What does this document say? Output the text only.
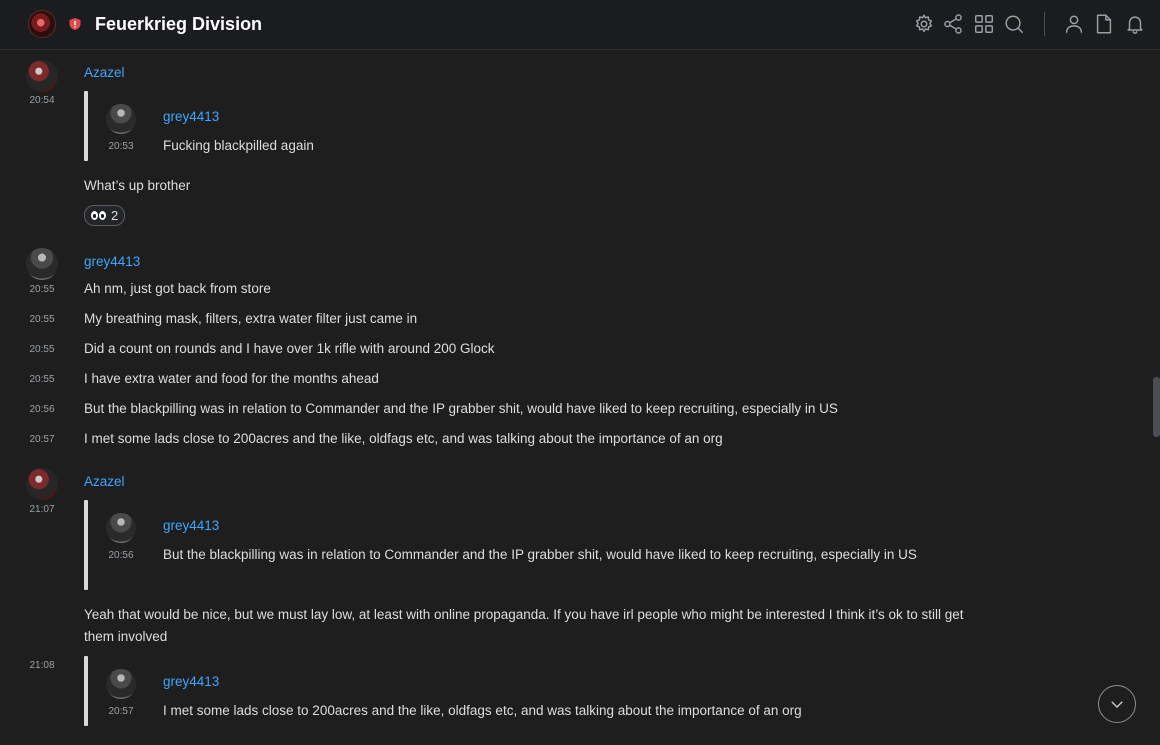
Feuerkrieg Division
Azazel
20:54
grey4413
20:53	Fucking blackpilled again
What’s up brother
2
grey4413
20:55	Ah nm, just got back from store
20:55	My breathing mask, filters, extra water filter just came in
20:55	Did a count on rounds and I have over 1k rifle with around 200 Glock
20:55	I have extra water and food for the months ahead
20:56	But the blackpilling was in relation to Commander and the IP grabber shit, would have liked to keep recruiting, especially in US
20:57	I met some lads close to 200acres and the like, oldfags etc, and was talking about the importance of an org
Azazel
21:07
grey4413
20:56	But the blackpilling was in relation to Commander and the IP grabber shit, would have liked to keep recruiting, especially in US
Yeah that would be nice, but we must lay low, at least with online propaganda. If you have irl people who might be interested I think it’s ok to still get them involved
21:08
grey4413
20:57	I met some lads close to 200acres and the like, oldfags etc, and was talking about the importance of an org
